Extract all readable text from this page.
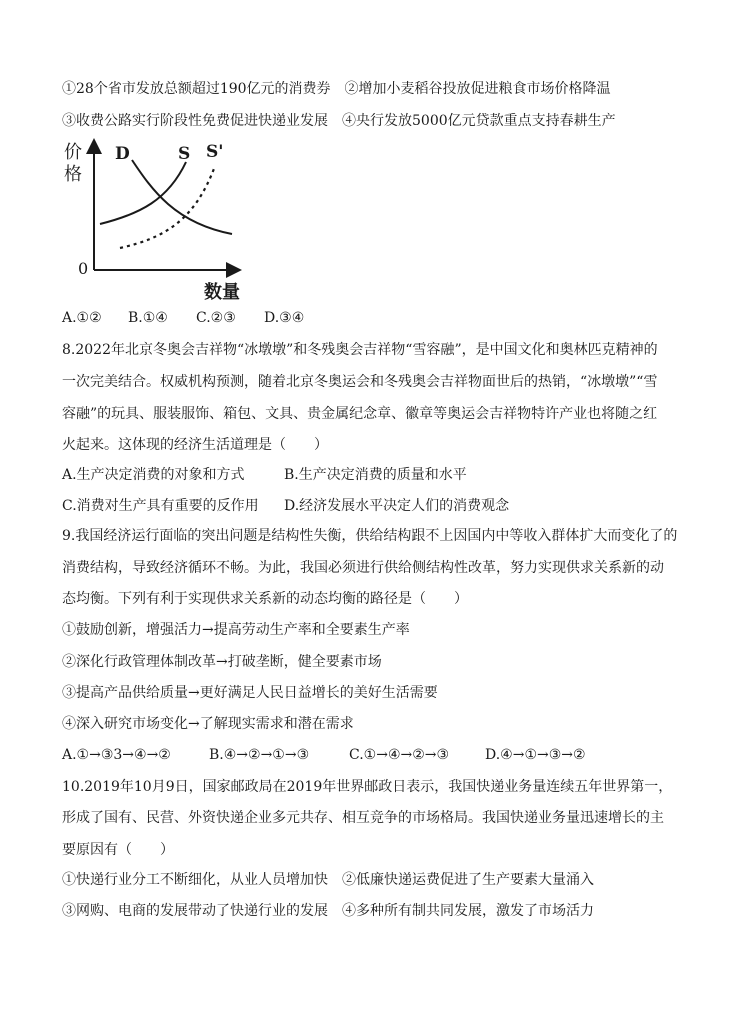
①28个省市发放总额超过190亿元的消费券 ②增加小麦稻谷投放促进粮食市场价格降温
③收费公路实行阶段性免费促进快递业发展 ④央行发放5000亿元贷款重点支持春耕生产
价
格
0
数量
D	S S'
A.①② B.①④ C.②③ D.③④
8.2022年北京冬奥会吉祥物“冰墩墩”和冬残奥会吉祥物“雪容融”，是中国文化和奥林匹克精神的
一次完美结合。权威机构预测，随着北京冬奥运会和冬残奥会吉祥物面世后的热销，“冰墩墩”“雪
容融”的玩具、服装服饰、箱包、文具、贵金属纪念章、徽章等奥运会吉祥物特许产业也将随之红
火起来。这体现的经济生活道理是（　　）
A.生产决定消费的对象和方式	B.生产决定消费的质量和水平
C.消费对生产具有重要的反作用 D.经济发展水平决定人们的消费观念
9.我国经济运行面临的突出问题是结构性失衡，供给结构跟不上因国内中等收入群体扩大而变化了的
消费结构，导致经济循环不畅。为此，我国必须进行供给侧结构性改革，努力实现供求关系新的动
态均衡。下列有利于实现供求关系新的动态均衡的路径是（　　）
①鼓励创新，增强活力→提高劳动生产率和全要素生产率
②深化行政管理体制改革→打破垄断，健全要素市场
③提高产品供给质量→更好满足人民日益增长的美好生活需要
④深入研究市场变化→了解现实需求和潜在需求
A.①→③3→④→②	B.④→②→①→③	C.①→④→②→③	D.④→①→③→②
10.2019年10月9日，国家邮政局在2019年世界邮政日表示，我国快递业务量连续五年世界第一，
形成了国有、民营、外资快递企业多元共存、相互竞争的市场格局。我国快递业务量迅速增长的主
要原因有（　　）
①快递行业分工不断细化，从业人员增加快 ②低廉快递运费促进了生产要素大量涌入
③网购、电商的发展带动了快递行业的发展 ④多种所有制共同发展，激发了市场活力
